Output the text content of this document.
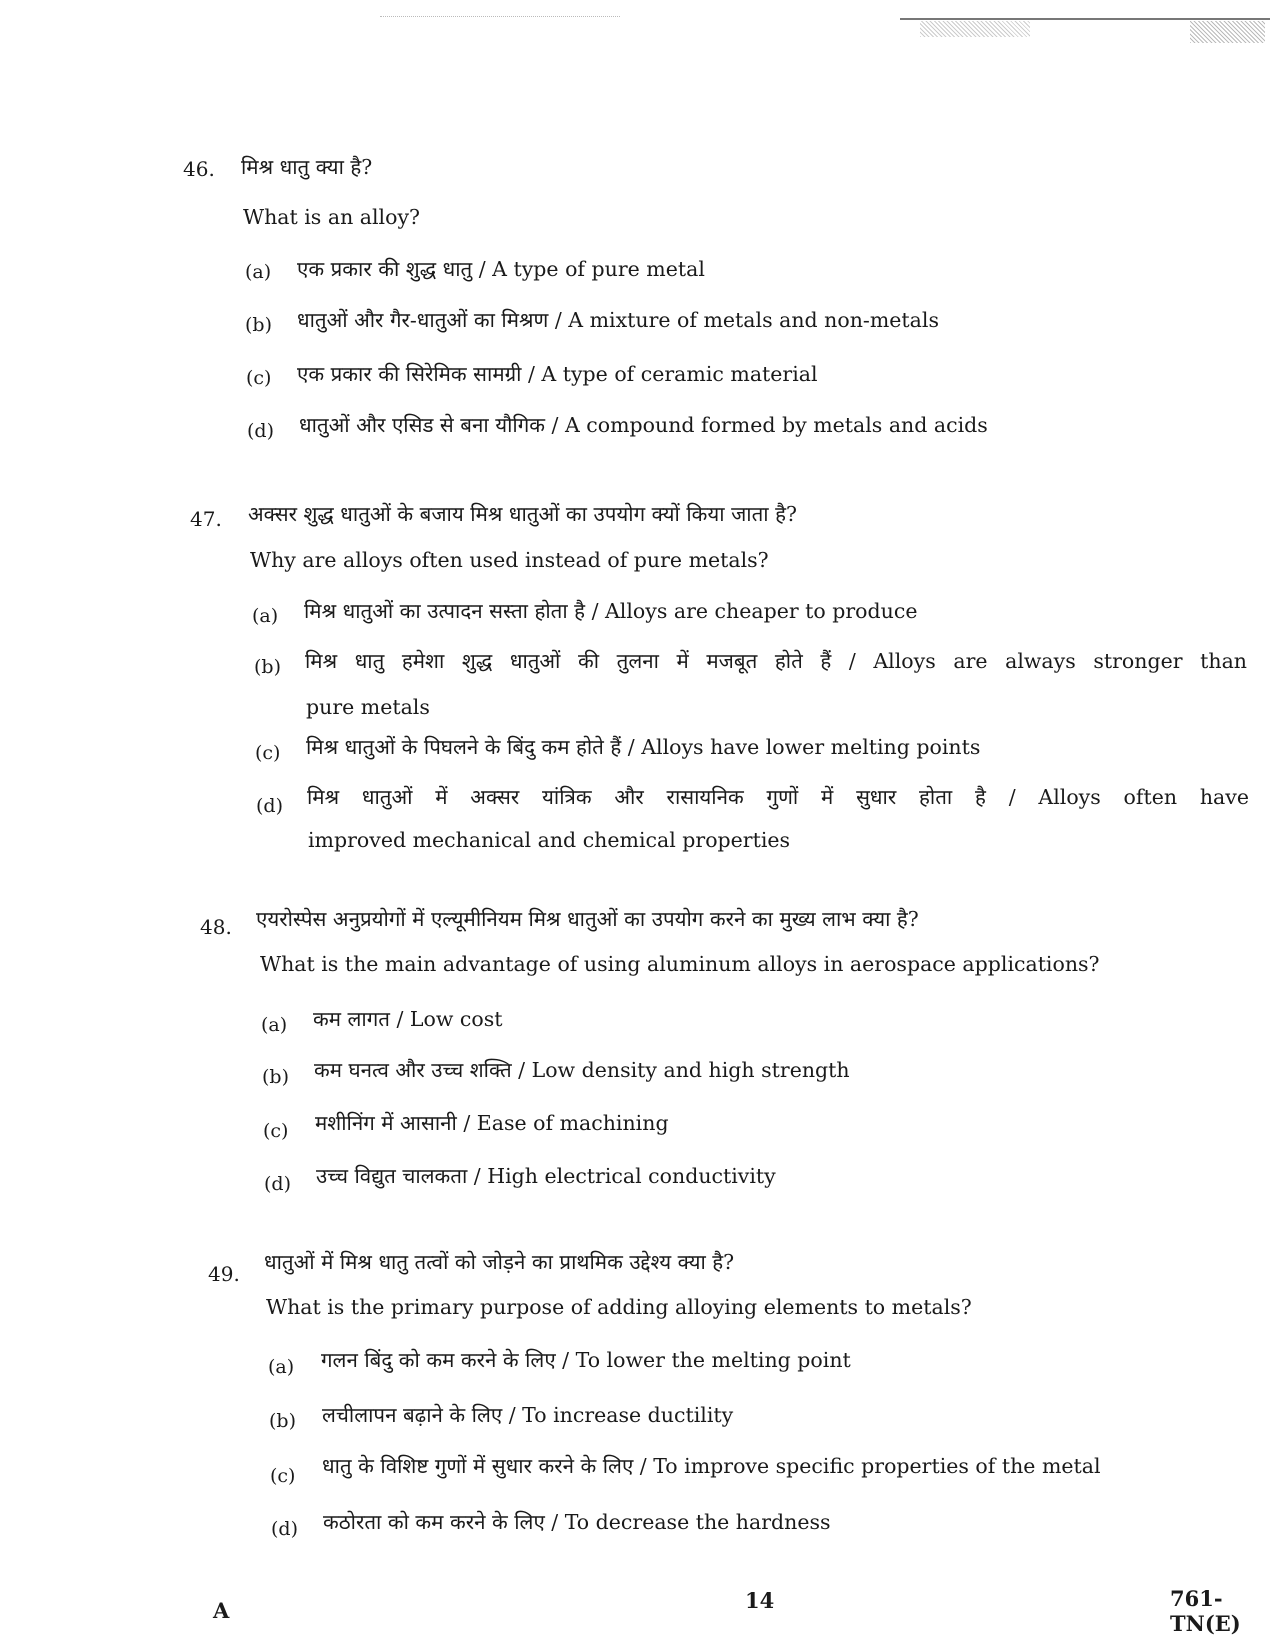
46. मिश्र धातु क्या है?
What is an alloy?
(a) एक प्रकार की शुद्ध धातु / A type of pure metal
(b) धातुओं और गैर-धातुओं का मिश्रण / A mixture of metals and non-metals
(c) एक प्रकार की सिरेमिक सामग्री / A type of ceramic material
(d) धातुओं और एसिड से बना यौगिक / A compound formed by metals and acids
47. अक्सर शुद्ध धातुओं के बजाय मिश्र धातुओं का उपयोग क्यों किया जाता है?
Why are alloys often used instead of pure metals?
(a) मिश्र धातुओं का उत्पादन सस्ता होता है / Alloys are cheaper to produce
(b) मिश्र धातु हमेशा शुद्ध धातुओं की तुलना में मजबूत होते हैं / Alloys are always stronger than
pure metals
(c) मिश्र धातुओं के पिघलने के बिंदु कम होते हैं / Alloys have lower melting points
(d) मिश्र धातुओं में अक्सर यांत्रिक और रासायनिक गुणों में सुधार होता है / Alloys often have
improved mechanical and chemical properties
48. एयरोस्पेस अनुप्रयोगों में एल्यूमीनियम मिश्र धातुओं का उपयोग करने का मुख्य लाभ क्या है?
What is the main advantage of using aluminum alloys in aerospace applications?
(a) कम लागत / Low cost
(b) कम घनत्व और उच्च शक्ति / Low density and high strength
(c) मशीनिंग में आसानी / Ease of machining
(d) उच्च विद्युत चालकता / High electrical conductivity
49. धातुओं में मिश्र धातु तत्वों को जोड़ने का प्राथमिक उद्देश्य क्या है?
What is the primary purpose of adding alloying elements to metals?
(a) गलन बिंदु को कम करने के लिए / To lower the melting point
(b) लचीलापन बढ़ाने के लिए / To increase ductility
(c) धातु के विशिष्ट गुणों में सुधार करने के लिए / To improve specific properties of the metal
(d) कठोरता को कम करने के लिए / To decrease the hardness
A	14	761-TN(E)
